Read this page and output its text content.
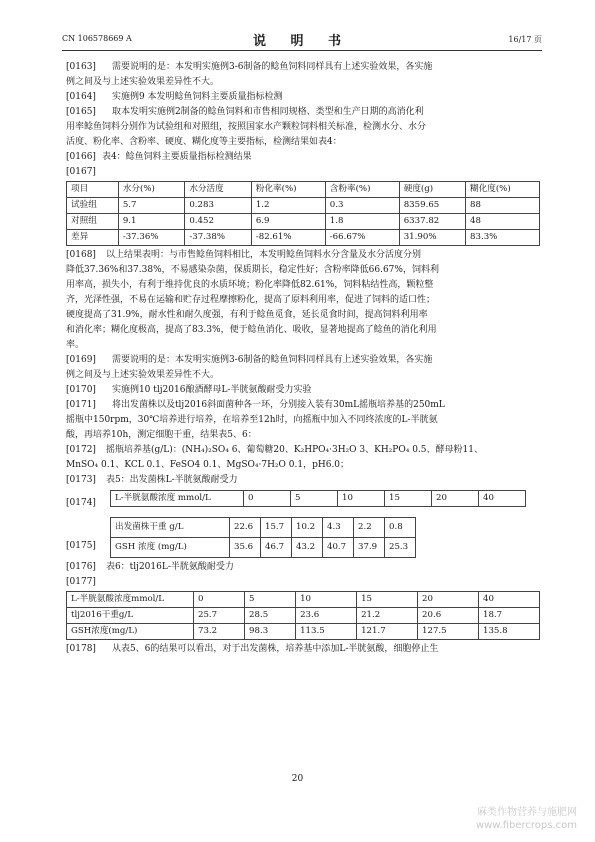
CN 106578669 A	说 明 书	16/17 页

[0163] 需要说明的是：本发明实施例3-6制备的鲶鱼饲料同样具有上述实验效果，各实施

例之间及与上述实验效果差异性不大。

[0164] 实施例9 本发明鲶鱼饲料主要质量指标检测

[0165] 取本发明实施例2制备的鲶鱼饲料和市售相同规格、类型和生产日期的高消化利

用率鲶鱼饲料分别作为试验组和对照组，按照国家水产颗粒饲料相关标准，检测水分、水分

活度、粉化率、含粉率、硬度、糊化度等主要指标，检测结果如表4：

[0166] 表4：鲶鱼饲料主要质量指标检测结果

[0167]

项目	水分(%)	水分活度	粉化率(%)	含粉率(%)	硬度(g)	糊化度(%)
试验组	5.7	0.283	1.2	0.3	8359.65	88
对照组	9.1	0.452	6.9	1.8	6337.82	48
差异	-37.36%	-37.38%	-82.61%	-66.67%	31.90%	83.3%

[0168] 以上结果表明：与市售鲶鱼饲料相比，本发明鲶鱼饲料水分含量及水分活度分别

降低37.36%和37.38%，不易感染杂菌，保质期长，稳定性好；含粉率降低66.67%，饲料利

用率高，损失小，有利于维持优良的水质环境；粉化率降低82.61%，饲料粘结性高，颗粒整

齐，光泽性强，不易在运输和贮存过程摩擦粉化，提高了原料利用率，促进了饲料的适口性；

硬度提高了31.9%，耐水性和耐久度强，有利于鲶鱼觅食，延长觅食时间，提高饲料利用率

和消化率；糊化度极高，提高了83.3%，便于鲶鱼消化、吸收，显著地提高了鲶鱼的消化利用

率。

[0169] 需要说明的是：本发明实施例3-6制备的鲶鱼饲料同样具有上述实验效果，各实施

例之间及与上述实验效果差异性不大。

[0170] 实施例10 tlj2016酿酒酵母L-半胱氨酸耐受力实验

[0171] 将出发菌株以及tlj2016斜面菌种各一环，分别接入装有30mL摇瓶培养基的250mL

摇瓶中150rpm，30℃培养进行培养，在培养至12h时，向摇瓶中加入不同终浓度的L-半胱氨

酸，再培养10h，测定细胞干重，结果表5、6：

[0172] 摇瓶培养基(g/L)：(NH₄)₂SO₄ 6、葡萄糖20、K₂HPO₄·3H₂O 3、KH₂PO₄ 0.5、酵母粉11、

MnSO₄ 0.1、KCL 0.1、FeSO4 0.1、MgSO₄·7H₂O 0.1，pH6.0；

[0173] 表5：出发菌株L-半胱氨酸耐受力

[0174] L-半胱氨酸浓度 mmol/L	0	5	10	15	20	40
[0175]
出发菌株干重 g/L	22.6	15.7	10.2	4.3	2.2	0.8
GSH 浓度 (mg/L)	35.6	46.7	43.2	40.7	37.9	25.3

[0176] 表6：tlj2016L-半胱氨酸耐受力

[0177]

L-半胱氨酸浓度mmol/L	0	5	10	15	20	40
tlj2016干重g/L	25.7	28.5	23.6	21.2	20.6	18.7
GSH浓度(mg/L)	73.2	98.3	113.5	121.7	127.5	135.8

[0178] 从表5、6的结果可以看出，对于出发菌株，培养基中添加L-半胱氨酸，细胞停止生

20
麻类作物营养与施肥网
www.fibercrops.com
